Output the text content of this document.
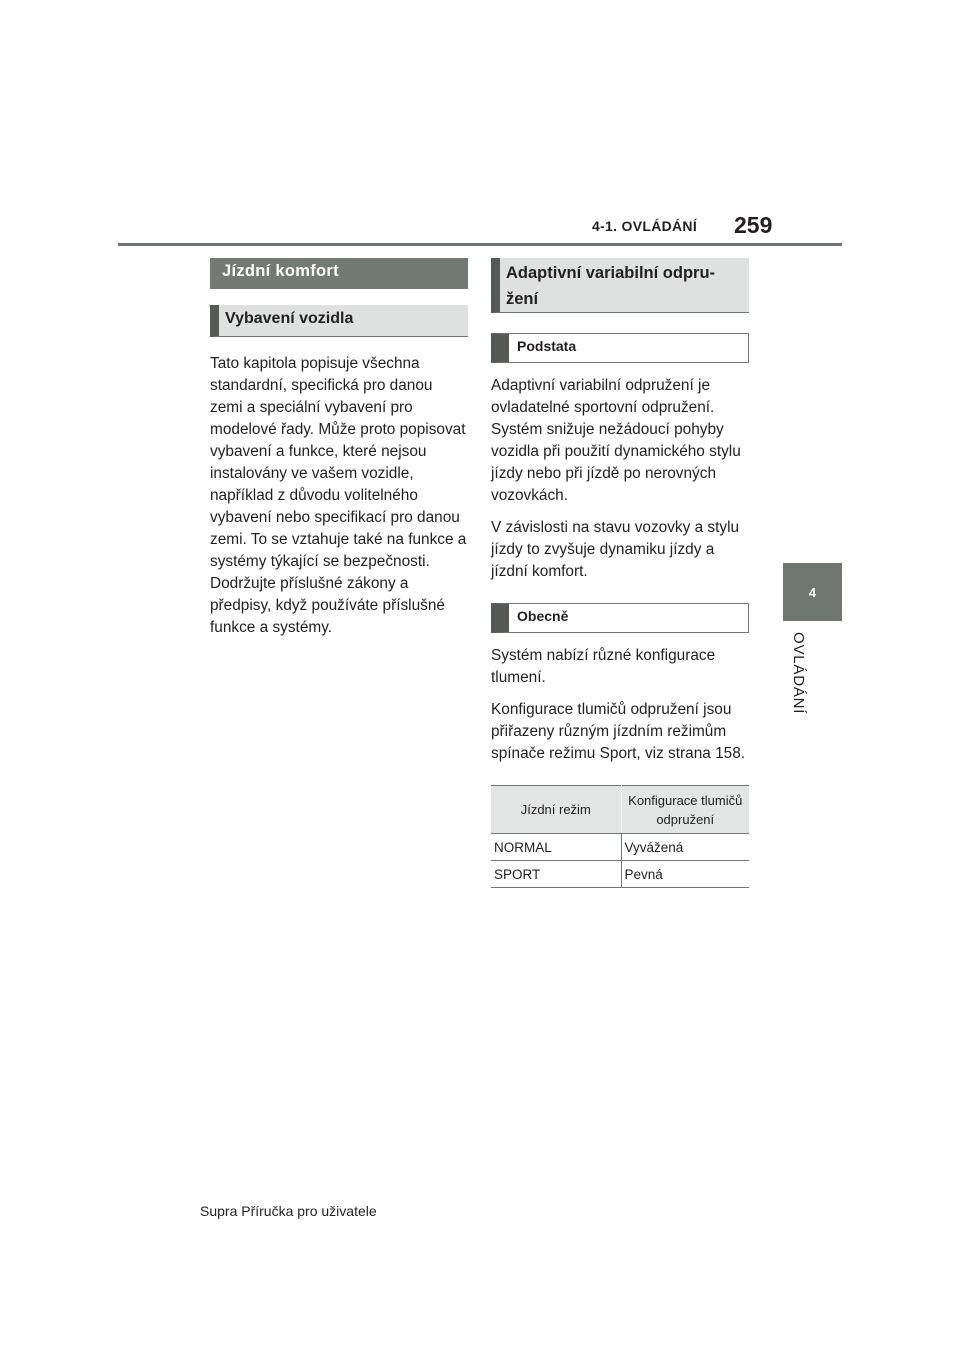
4-1. OVLÁDÁNÍ 259
4
OVLÁDÁNÍ
Jízdní komfort
Vybavení vozidla

Tato kapitola popisuje všechna standardní, specifická pro danou zemi a speciální vybavení pro modelové řady. Může proto popisovat vybavení a funkce, které nejsou instalovány ve vašem vozidle, například z důvodu volitelného vybavení nebo specifikací pro danou zemi. To se vztahuje také na funkce a systémy týkající se bezpečnosti. Dodržujte příslušné zákony a předpisy, když používáte příslušné funkce a systémy.

Adaptivní variabilní odpru-
žení
Podstata

Adaptivní variabilní odpružení je ovladatelné sportovní odpružení. Systém snižuje nežádoucí pohyby vozidla při použití dynamického stylu jízdy nebo při jízdě po nerovných vozovkách.

V závislosti na stavu vozovky a stylu jízdy to zvyšuje dynamiku jízdy a jízdní komfort.

Obecně

Systém nabízí různé konfigurace tlumení.

Konfigurace tlumičů odpružení jsou přiřazeny různým jízdním režimům spínače režimu Sport, viz strana 158.

Jízdní režim	Konfigurace tlumičů odpružení
NORMAL	Vyvážená
SPORT	Pevná
Supra Příručka pro uživatele
